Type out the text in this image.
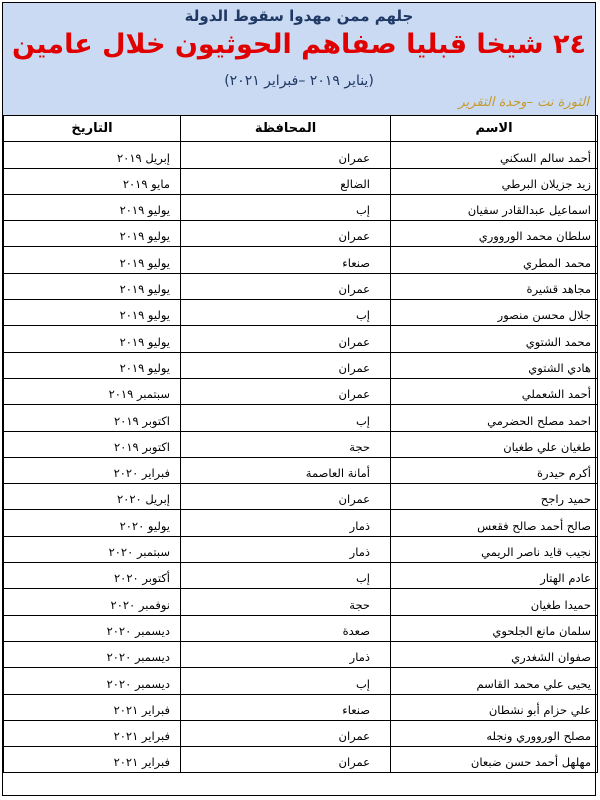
جلهم ممن مهدوا سقوط الدولة
٢٤ شيخا قبليا صفاهم الحوثيون خلال عامين
(يناير ٢٠١٩ –فبراير ٢٠٢١)
الثورة نت –وحدة التقرير
الاسم	المحافظة	التاريخ
أحمد سالم السكني	عمران	إبريل ٢٠١٩
زيد جزيلان البرطي	الضالع	مايو ٢٠١٩
اسماعيل عبدالقادر سفيان	إب	يوليو ٢٠١٩
سلطان محمد الورووري	عمران	يوليو ٢٠١٩
محمد المطري	صنعاء	يوليو ٢٠١٩
مجاهد قشيرة	عمران	يوليو ٢٠١٩
جلال محسن منصور	إب	يوليو ٢٠١٩
محمد الشتوي	عمران	يوليو ٢٠١٩
هادي الشتوي	عمران	يوليو ٢٠١٩
أحمد الشعملي	عمران	سبتمبر ٢٠١٩
احمد مصلح الحضرمي	إب	اكتوبر ٢٠١٩
طغيان علي طغيان	حجة	اكتوبر ٢٠١٩
أكرم حيدرة	أمانة العاصمة	فبراير ٢٠٢٠
حميد راجح	عمران	إبريل ٢٠٢٠
صالح أحمد صالح فقعس	ذمار	يوليو ٢٠٢٠
نجيب قايد ناصر الريمي	ذمار	سبتمبر ٢٠٢٠
عادم الهتار	إب	أكتوبر ٢٠٢٠
حميدا طغيان	حجة	نوفمبر ٢٠٢٠
سلمان مانع الجلحوي	صعدة	ديسمبر ٢٠٢٠
صفوان الشغدري	ذمار	ديسمبر ٢٠٢٠
يحيى علي محمد القاسم	إب	ديسمبر ٢٠٢٠
علي حزام أبو نشطان	صنعاء	فبراير ٢٠٢١
مصلح الورووري ونجله	عمران	فبراير ٢٠٢١
مهلهل أحمد حسن ضبعان	عمران	فبراير ٢٠٢١
